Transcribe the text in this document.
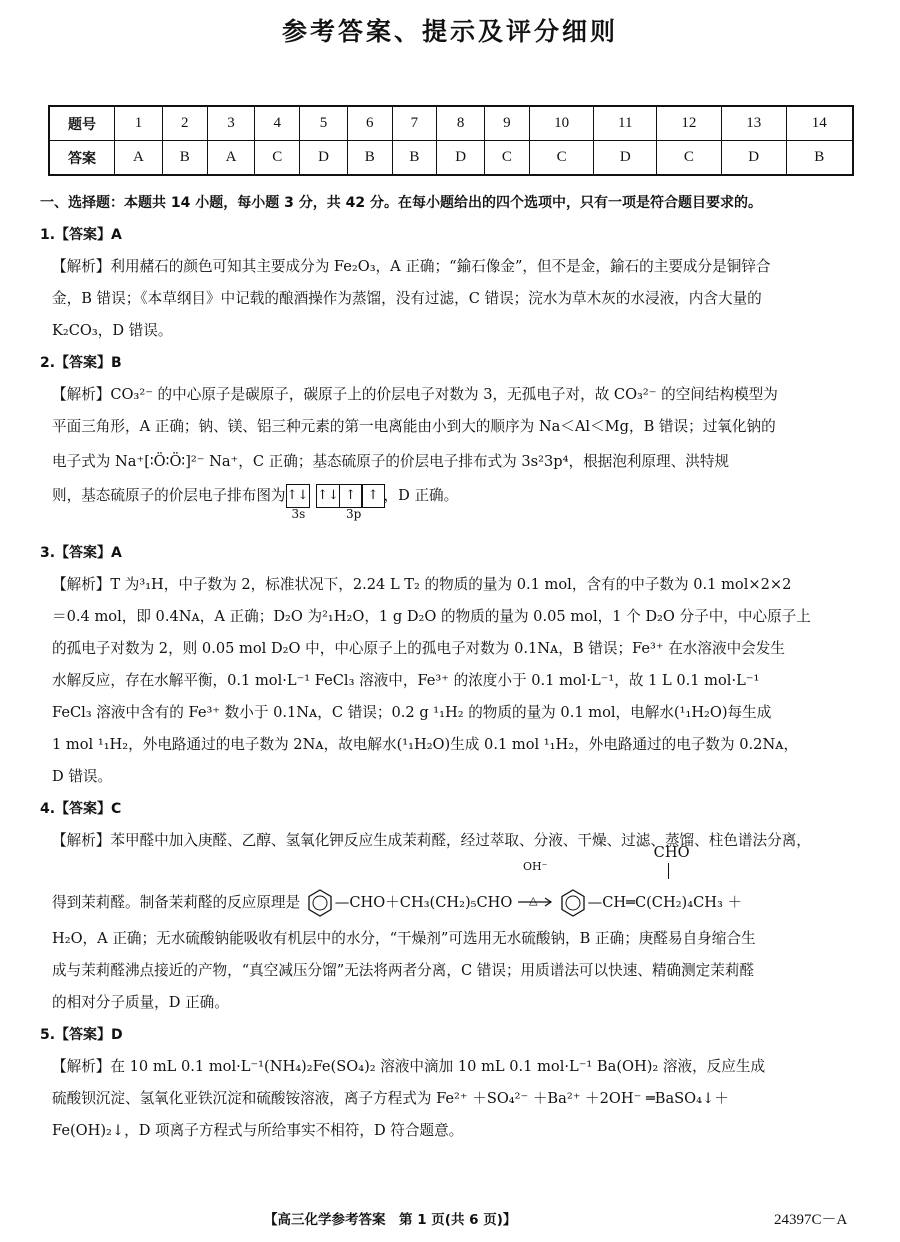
参考答案、提示及评分细则
题号	1	2	3	4	5	6	7	8	9	10	11	12	13	14
答案	A	B	A	C	D	B	B	D	C	C	D	C	D	B
一、选择题：本题共 14 小题，每小题 3 分，共 42 分。在每小题给出的四个选项中，只有一项是符合题目要求的。
1.【答案】A
【解析】利用赭石的颜色可知其主要成分为 Fe₂O₃，A 正确；“鍮石像金”，但不是金，鍮石的主要成分是铜锌合
金，B 错误；《本草纲目》中记载的酿酒操作为蒸馏，没有过滤，C 错误；浣水为草木灰的水浸液，内含大量的
K₂CO₃，D 错误。
2.【答案】B
【解析】CO₃²⁻ 的中心原子是碳原子，碳原子上的价层电子对数为 3，无孤电子对，故 CO₃²⁻ 的空间结构模型为
平面三角形，A 正确；钠、镁、铝三种元素的第一电离能由小到大的顺序为 Na＜Al＜Mg，B 错误；过氧化钠的
电子式为 Na⁺[∶Ö∶Ö∶]²⁻ Na⁺，C 正确；基态硫原子的价层电子排布式为 3s²3p⁴，根据泡利原理、洪特规
则，基态硫原子的价层电子排布图为↑↓
3s
↑↓ ↑ ↑
3p
，D 正确。
3.【答案】A
【解析】T 为³₁H，中子数为 2，标准状况下，2.24 L T₂ 的物质的量为 0.1 mol，含有的中子数为 0.1 mol×2×2
＝0.4 mol，即 0.4Nᴀ，A 正确；D₂O 为²₁H₂O，1 g D₂O 的物质的量为 0.05 mol，1 个 D₂O 分子中，中心原子上
的孤电子对数为 2，则 0.05 mol D₂O 中，中心原子上的孤电子对数为 0.1Nᴀ，B 错误；Fe³⁺ 在水溶液中会发生
水解反应，存在水解平衡，0.1 mol·L⁻¹ FeCl₃ 溶液中，Fe³⁺ 的浓度小于 0.1 mol·L⁻¹，故 1 L 0.1 mol·L⁻¹
FeCl₃ 溶液中含有的 Fe³⁺ 数小于 0.1Nᴀ，C 错误；0.2 g ¹₁H₂ 的物质的量为 0.1 mol，电解水(¹₁H₂O)每生成
1 mol ¹₁H₂，外电路通过的电子数为 2Nᴀ，故电解水(¹₁H₂O)生成 0.1 mol ¹₁H₂，外电路通过的电子数为 0.2Nᴀ，
D 错误。
4.【答案】C
【解析】苯甲醛中加入庚醛、乙醇、氢氧化钾反应生成茉莉醛，经过萃取、分液、干燥、过滤、蒸馏、柱色谱法分离，
得到茉莉醛。制备茉莉醛的反应原理是 —CHO＋CH₃(CH₂)₅CHO
OH⁻
△

CHO
—CH═C(CH₂)₄CH₃ ＋
H₂O，A 正确；无水硫酸钠能吸收有机层中的水分，“干燥剂”可选用无水硫酸钠，B 正确；庚醛易自身缩合生
成与茉莉醛沸点接近的产物，“真空减压分馏”无法将两者分离，C 错误；用质谱法可以快速、精确测定茉莉醛
的相对分子质量，D 正确。
5.【答案】D
【解析】在 10 mL 0.1 mol·L⁻¹(NH₄)₂Fe(SO₄)₂ 溶液中滴加 10 mL 0.1 mol·L⁻¹ Ba(OH)₂ 溶液，反应生成
硫酸钡沉淀、氢氧化亚铁沉淀和硫酸铵溶液，离子方程式为 Fe²⁺ ＋SO₄²⁻ ＋Ba²⁺ ＋2OH⁻ ═BaSO₄↓＋
Fe(OH)₂↓，D 项离子方程式与所给事实不相符，D 符合题意。
【高三化学参考答案　第 1 页(共 6 页)】	24397C－A
